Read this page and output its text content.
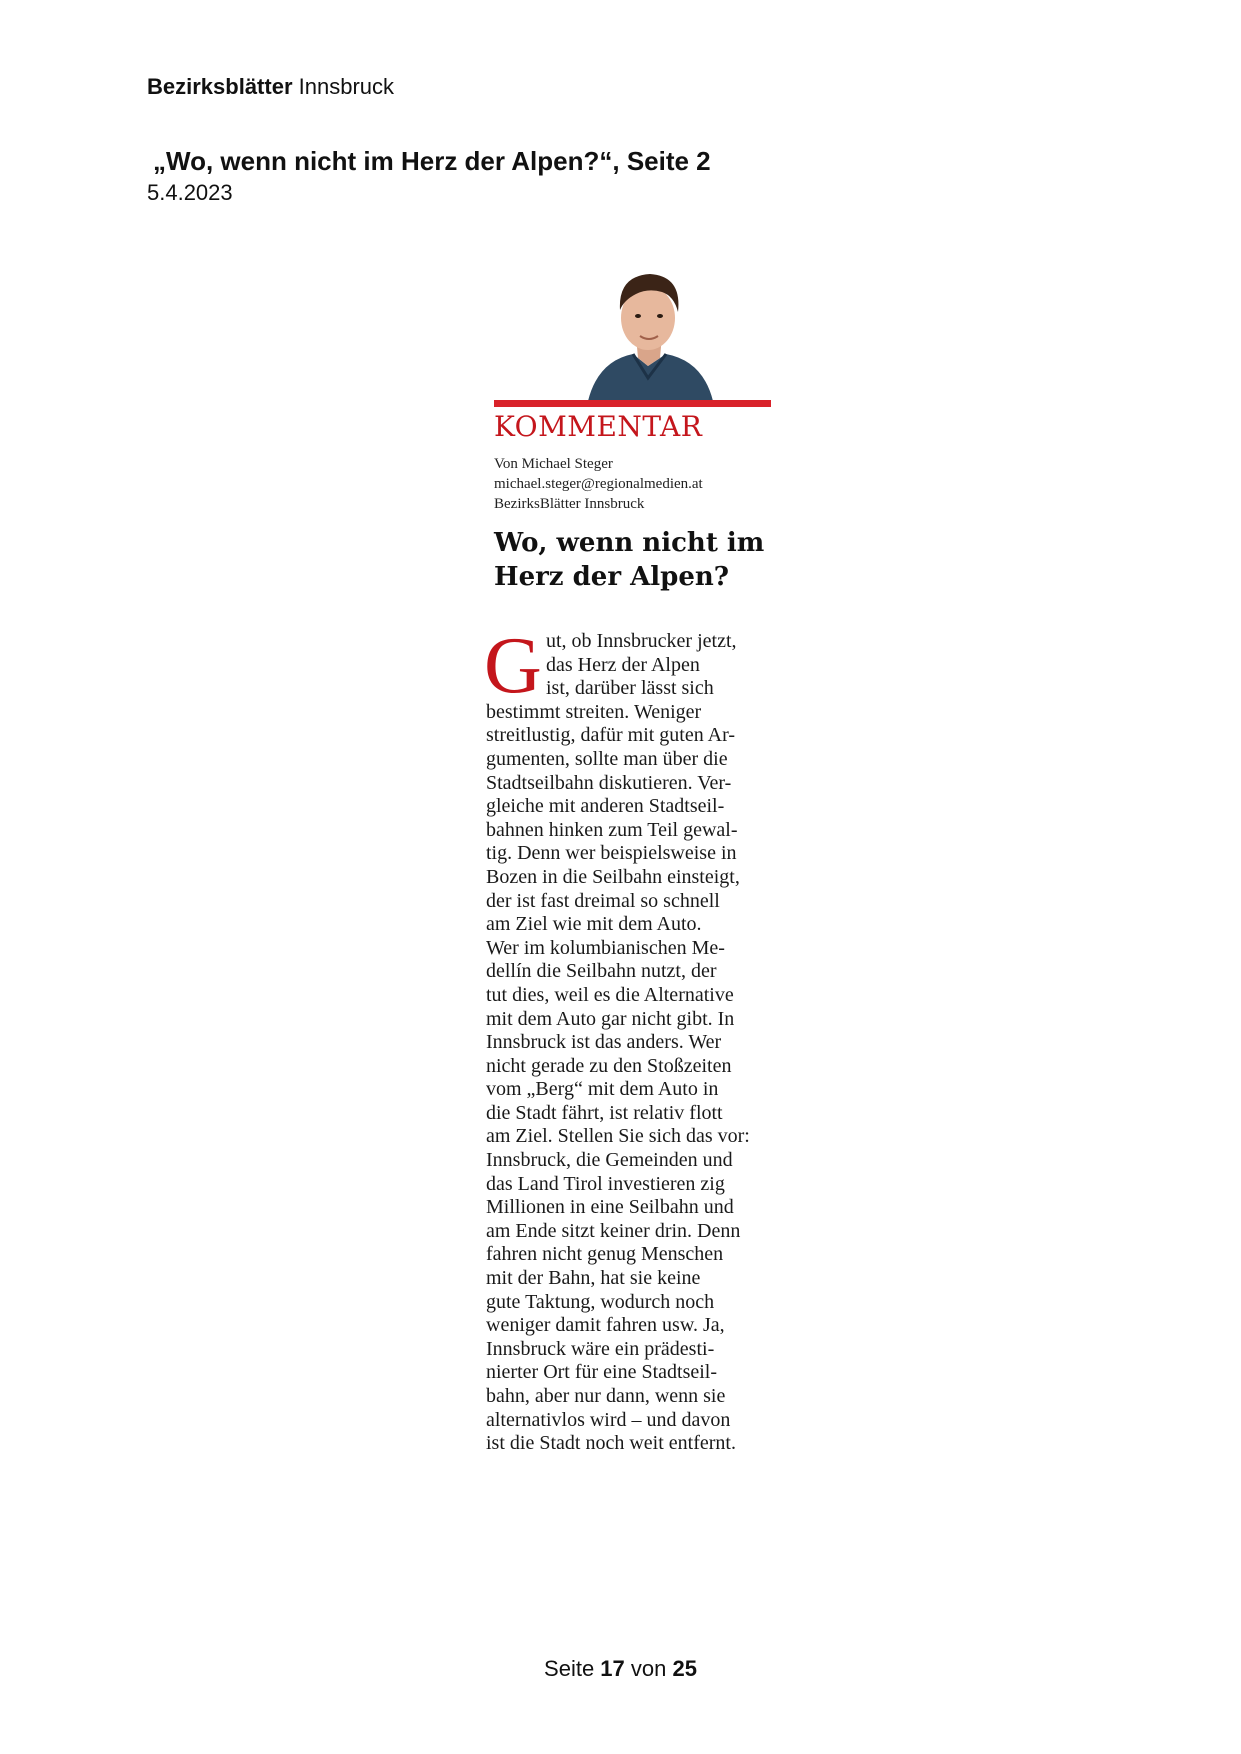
Bezirksblätter Innsbruck
„Wo, wenn nicht im Herz der Alpen?“, Seite 2
5.4.2023
KOMMENTAR
Von Michael Steger
michael.steger@regionalmedien.at
BezirksBlätter Innsbruck
Wo, wenn nicht im
Herz der Alpen?
G ut, ob Innsbrucker jetzt,
das Herz der Alpen
ist, darüber lässt sich
bestimmt streiten. Weniger
streitlustig, dafür mit guten Ar-
gumenten, sollte man über die
Stadtseilbahn diskutieren. Ver-
gleiche mit anderen Stadtseil-
bahnen hinken zum Teil gewal-
tig. Denn wer beispielsweise in
Bozen in die Seilbahn einsteigt,
der ist fast dreimal so schnell
am Ziel wie mit dem Auto.
Wer im kolumbianischen Me-
dellín die Seilbahn nutzt, der
tut dies, weil es die Alternative
mit dem Auto gar nicht gibt. In
Innsbruck ist das anders. Wer
nicht gerade zu den Stoßzeiten
vom „Berg“ mit dem Auto in
die Stadt fährt, ist relativ flott
am Ziel. Stellen Sie sich das vor:
Innsbruck, die Gemeinden und
das Land Tirol investieren zig
Millionen in eine Seilbahn und
am Ende sitzt keiner drin. Denn
fahren nicht genug Menschen
mit der Bahn, hat sie keine
gute Taktung, wodurch noch
weniger damit fahren usw. Ja,
Innsbruck wäre ein prädesti-
nierter Ort für eine Stadtseil-
bahn, aber nur dann, wenn sie
alternativlos wird – und davon
ist die Stadt noch weit entfernt.
Seite 17 von 25
